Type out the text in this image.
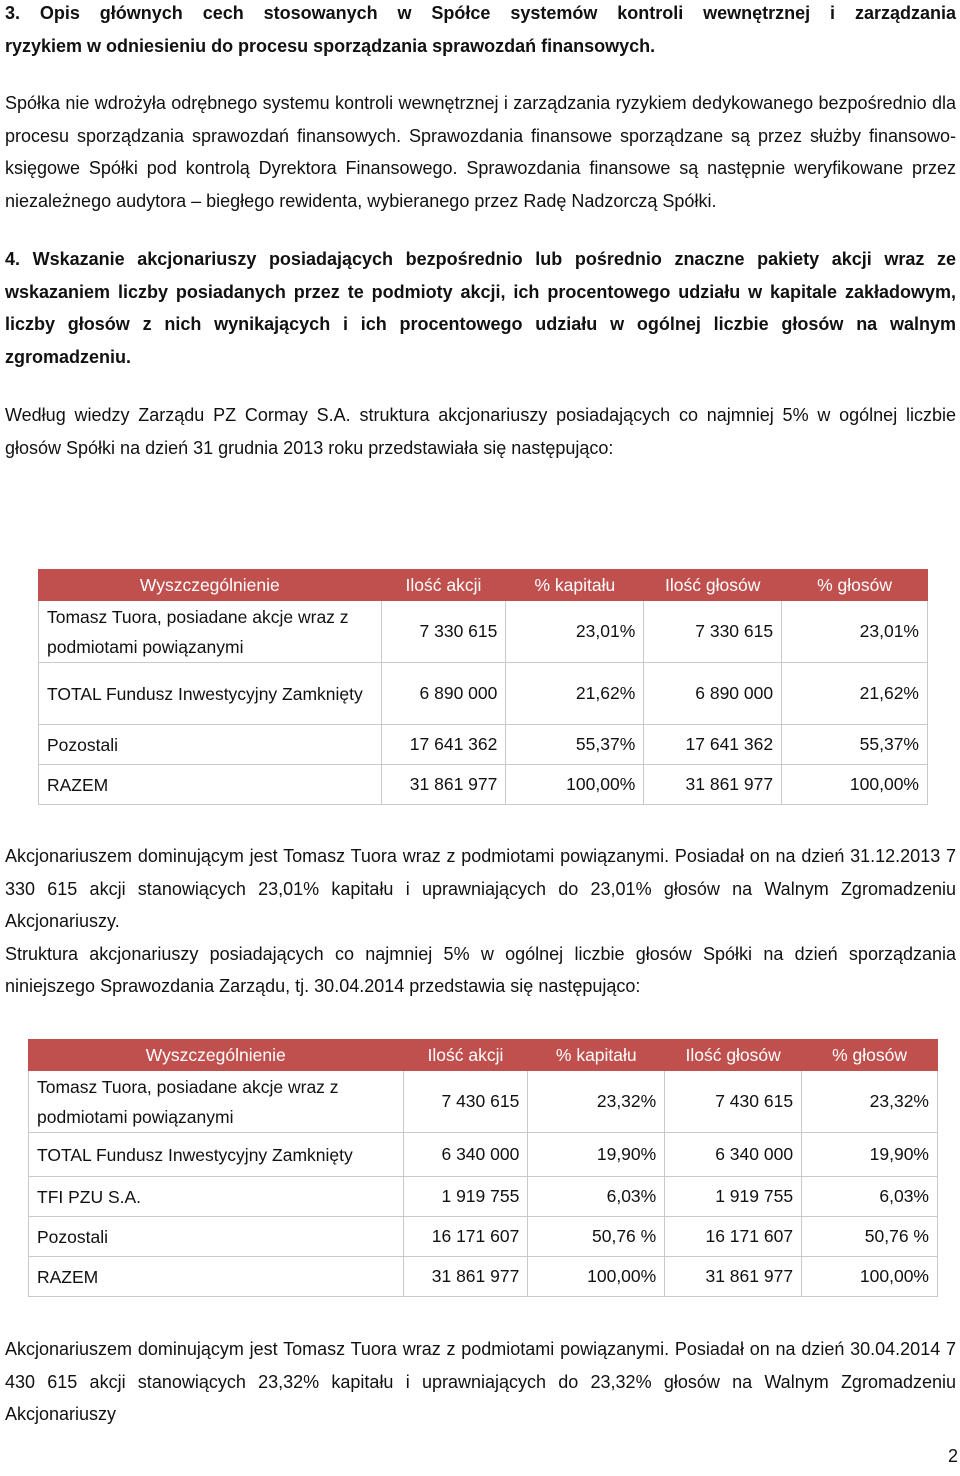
3. Opis głównych cech stosowanych w Spółce systemów kontroli wewnętrznej i zarządzania

ryzykiem w odniesieniu do procesu sporządzania sprawozdań finansowych.

Spółka nie wdrożyła odrębnego systemu kontroli wewnętrznej i zarządzania ryzykiem dedykowanego bezpośrednio dla procesu sporządzania sprawozdań finansowych. Sprawozdania finansowe sporządzane są przez służby finansowo-księgowe Spółki pod kontrolą Dyrektora Finansowego. Sprawozdania finansowe są następnie weryfikowane przez niezależnego audytora – biegłego rewidenta, wybieranego przez Radę Nadzorczą Spółki.

4. Wskazanie akcjonariuszy posiadających bezpośrednio lub pośrednio znaczne pakiety akcji wraz ze wskazaniem liczby posiadanych przez te podmioty akcji, ich procentowego udziału w kapitale zakładowym, liczby głosów z nich wynikających i ich procentowego udziału w ogólnej liczbie głosów na walnym zgromadzeniu.

Według wiedzy Zarządu PZ Cormay S.A. struktura akcjonariuszy posiadających co najmniej 5% w ogólnej liczbie głosów Spółki na dzień 31 grudnia 2013 roku przedstawiała się następująco:

Wyszczególnienie	Ilość akcji	% kapitału	Ilość głosów	% głosów
Tomasz Tuora, posiadane akcje wraz z podmiotami powiązanymi	7 330 615	23,01%	7 330 615	23,01%
TOTAL Fundusz Inwestycyjny Zamknięty	6 890 000	21,62%	6 890 000	21,62%
Pozostali	17 641 362	55,37%	17 641 362	55,37%
RAZEM	31 861 977	100,00%	31 861 977	100,00%

Akcjonariuszem dominującym jest Tomasz Tuora wraz z podmiotami powiązanymi. Posiadał on na dzień 31.12.2013 7 330 615 akcji stanowiących 23,01% kapitału i uprawniających do 23,01% głosów na Walnym Zgromadzeniu Akcjonariuszy.

Struktura akcjonariuszy posiadających co najmniej 5% w ogólnej liczbie głosów Spółki na dzień sporządzania niniejszego Sprawozdania Zarządu, tj. 30.04.2014 przedstawia się następująco:

Wyszczególnienie	Ilość akcji	% kapitału	Ilość głosów	% głosów
Tomasz Tuora, posiadane akcje wraz z podmiotami powiązanymi	7 430 615	23,32%	7 430 615	23,32%
TOTAL Fundusz Inwestycyjny Zamknięty	6 340 000	19,90%	6 340 000	19,90%
TFI PZU S.A.	1 919 755	6,03%	1 919 755	6,03%
Pozostali	16 171 607	50,76 %	16 171 607	50,76 %
RAZEM	31 861 977	100,00%	31 861 977	100,00%

Akcjonariuszem dominującym jest Tomasz Tuora wraz z podmiotami powiązanymi. Posiadał on na dzień 30.04.2014 7 430 615 akcji stanowiących 23,32% kapitału i uprawniających do 23,32% głosów na Walnym Zgromadzeniu Akcjonariuszy

2
